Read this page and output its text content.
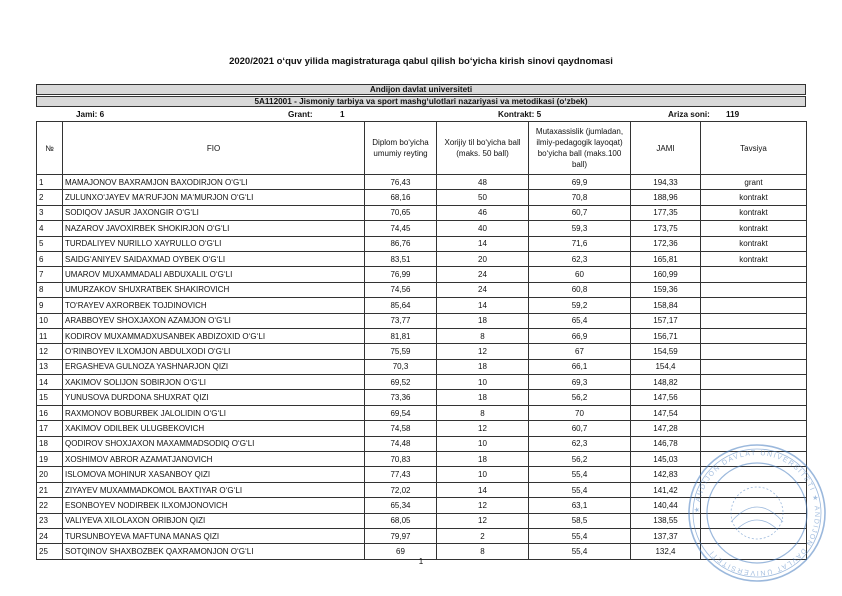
2020/2021 o‘quv yilida magistraturaga qabul qilish bo‘yicha kirish sinovi qaydnomasi
Andijon davlat universiteti
5A112001 - Jismoniy tarbiya va sport mashg‘ulotlari nazariyasi va metodikasi (o‘zbek)
Jami: 6	Grant:	1	Kontrakt: 5	Ariza soni: 119
№	FIO	Diplom bo‘yicha umumiy reyting	Xorijiy til bo‘yicha ball (maks. 50 ball)	Mutaxassislik (jumladan, ilmiy-pedagogik layoqat) bo‘yicha ball (maks.100 ball)	JAMI	Tavsiya
1	MAMAJONOV BAXRAMJON BAXODIRJON O‘G‘LI	76,43	48	69,9	194,33	grant
2	ZULUNXO‘JAYEV MA‘RUFJON MA‘MURJON O‘G‘LI	68,16	50	70,8	188,96	kontrakt
3	SODIQOV JASUR JAXONGIR O‘G‘LI	70,65	46	60,7	177,35	kontrakt
4	NAZAROV JAVOXIRBEK SHOKIRJON O‘G‘LI	74,45	40	59,3	173,75	kontrakt
5	TURDALIYEV NURILLO XAYRULLO O‘G‘LI	86,76	14	71,6	172,36	kontrakt
6	SAIDG‘ANIYEV SAIDAXMAD OYBEK O‘G‘LI	83,51	20	62,3	165,81	kontrakt
7	UMAROV MUXAMMADALI ABDUXALIL O‘G‘LI	76,99	24	60	160,99	
8	UMURZAKOV SHUXRATBEK SHAKIROVICH	74,56	24	60,8	159,36	
9	TO‘RAYEV AXRORBEK TOJDINOVICH	85,64	14	59,2	158,84	
10	ARABBOYEV SHOXJAXON AZAMJON O‘G‘LI	73,77	18	65,4	157,17	
11	KODIROV MUXAMMADXUSANBEK ABDIZOXID O‘G‘LI	81,81	8	66,9	156,71	
12	O‘RINBOYEV ILXOMJON ABDULXODI O‘G‘LI	75,59	12	67	154,59	
13	ERGASHEVA GULNOZA YASHNARJON QIZI	70,3	18	66,1	154,4	
14	XAKIMOV SOLIJON SOBIRJON O‘G‘LI	69,52	10	69,3	148,82	
15	YUNUSOVA DURDONA SHUXRAT QIZI	73,36	18	56,2	147,56	
16	RAXMONOV BOBURBEK JALOLIDIN O‘G‘LI	69,54	8	70	147,54	
17	XAKIMOV ODILBEK ULUGBEKOVICH	74,58	12	60,7	147,28	
18	QODIROV SHOXJAXON MAXAMMADSODIQ O‘G‘LI	74,48	10	62,3	146,78	
19	XOSHIMOV ABROR AZAMATJANOVICH	70,83	18	56,2	145,03	
20	ISLOMOVA MOHINUR XASANBOY QIZI	77,43	10	55,4	142,83	
21	ZIYAYEV MUXAMMADKOMOL BAXTIYAR O‘G‘LI	72,02	14	55,4	141,42	
22	ESONBOYEV NODIRBEK ILXOMJONOVICH	65,34	12	63,1	140,44	
23	VALIYEVA XILOLAXON ORIBJON QIZI	68,05	12	58,5	138,55	
24	TURSUNBOYEVA MAFTUNA MANAS QIZI	79,97	2	55,4	137,37	
25	SOTQINOV SHAXBOZBEK QAXRAMONJON O‘G‘LI	69	8	55,4	132,4	
1
★ ANDIJON DAVLAT UNIVERSITETI ★ ANDIJON DAVLAT UNIVERSITETI
